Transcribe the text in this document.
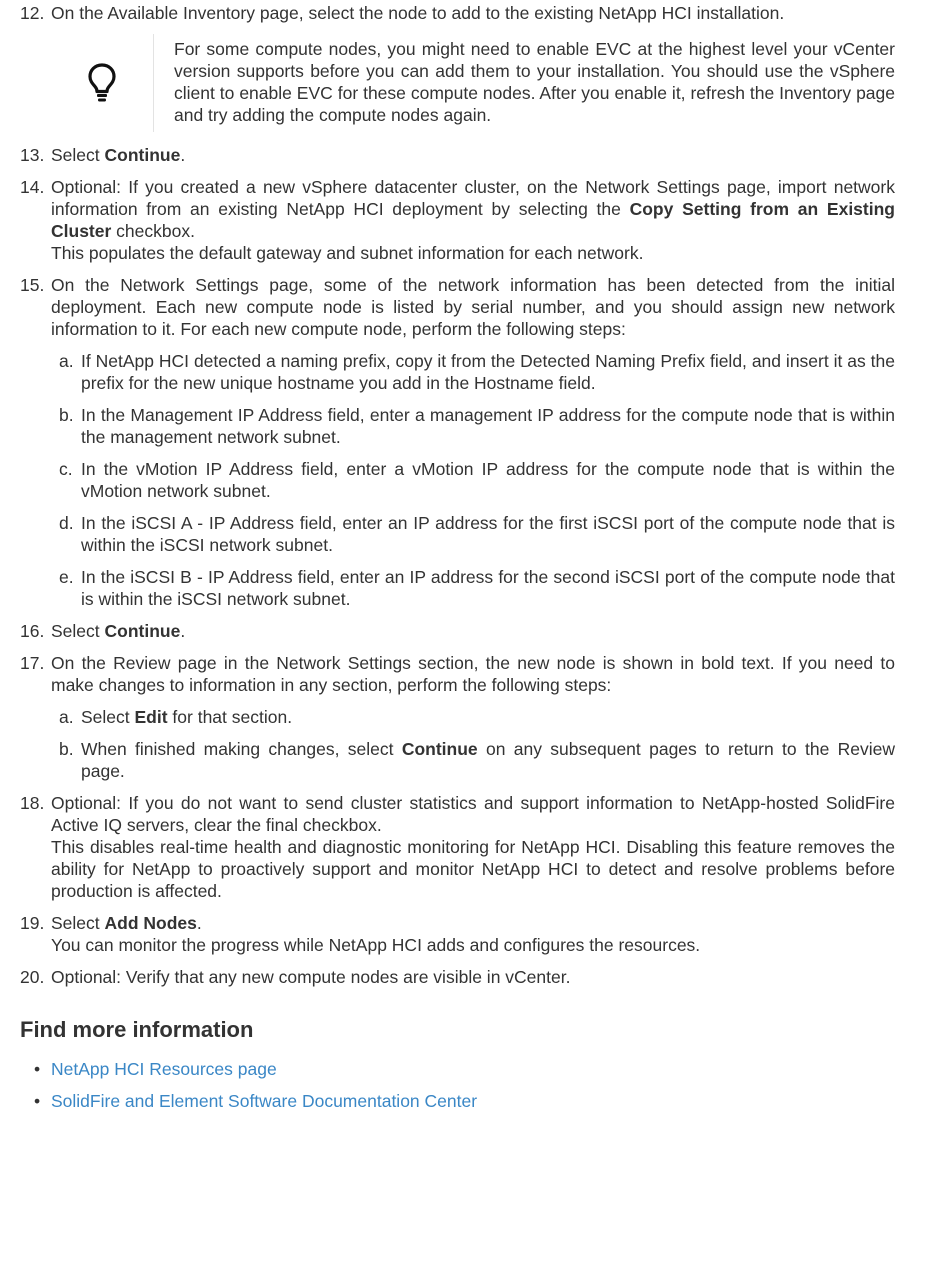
12. On the Available Inventory page, select the node to add to the existing NetApp HCI installation.
For some compute nodes, you might need to enable EVC at the highest level your vCenter version supports before you can add them to your installation. You should use the vSphere client to enable EVC for these compute nodes. After you enable it, refresh the Inventory page and try adding the compute nodes again.
13. Select Continue.
14. Optional: If you created a new vSphere datacenter cluster, on the Network Settings page, import network information from an existing NetApp HCI deployment by selecting the Copy Setting from an Existing Cluster checkbox.
This populates the default gateway and subnet information for each network.
15. On the Network Settings page, some of the network information has been detected from the initial deployment. Each new compute node is listed by serial number, and you should assign new network information to it. For each new compute node, perform the following steps:
a. If NetApp HCI detected a naming prefix, copy it from the Detected Naming Prefix field, and insert it as the prefix for the new unique hostname you add in the Hostname field.
b. In the Management IP Address field, enter a management IP address for the compute node that is within the management network subnet.
c. In the vMotion IP Address field, enter a vMotion IP address for the compute node that is within the vMotion network subnet.
d. In the iSCSI A - IP Address field, enter an IP address for the first iSCSI port of the compute node that is within the iSCSI network subnet.
e. In the iSCSI B - IP Address field, enter an IP address for the second iSCSI port of the compute node that is within the iSCSI network subnet.
16. Select Continue.
17. On the Review page in the Network Settings section, the new node is shown in bold text. If you need to make changes to information in any section, perform the following steps:
a. Select Edit for that section.
b. When finished making changes, select Continue on any subsequent pages to return to the Review page.
18. Optional: If you do not want to send cluster statistics and support information to NetApp-hosted SolidFire Active IQ servers, clear the final checkbox.
This disables real-time health and diagnostic monitoring for NetApp HCI. Disabling this feature removes the ability for NetApp to proactively support and monitor NetApp HCI to detect and resolve problems before production is affected.
19. Select Add Nodes.
You can monitor the progress while NetApp HCI adds and configures the resources.
20. Optional: Verify that any new compute nodes are visible in vCenter.
Find more information
• NetApp HCI Resources page
• SolidFire and Element Software Documentation Center
